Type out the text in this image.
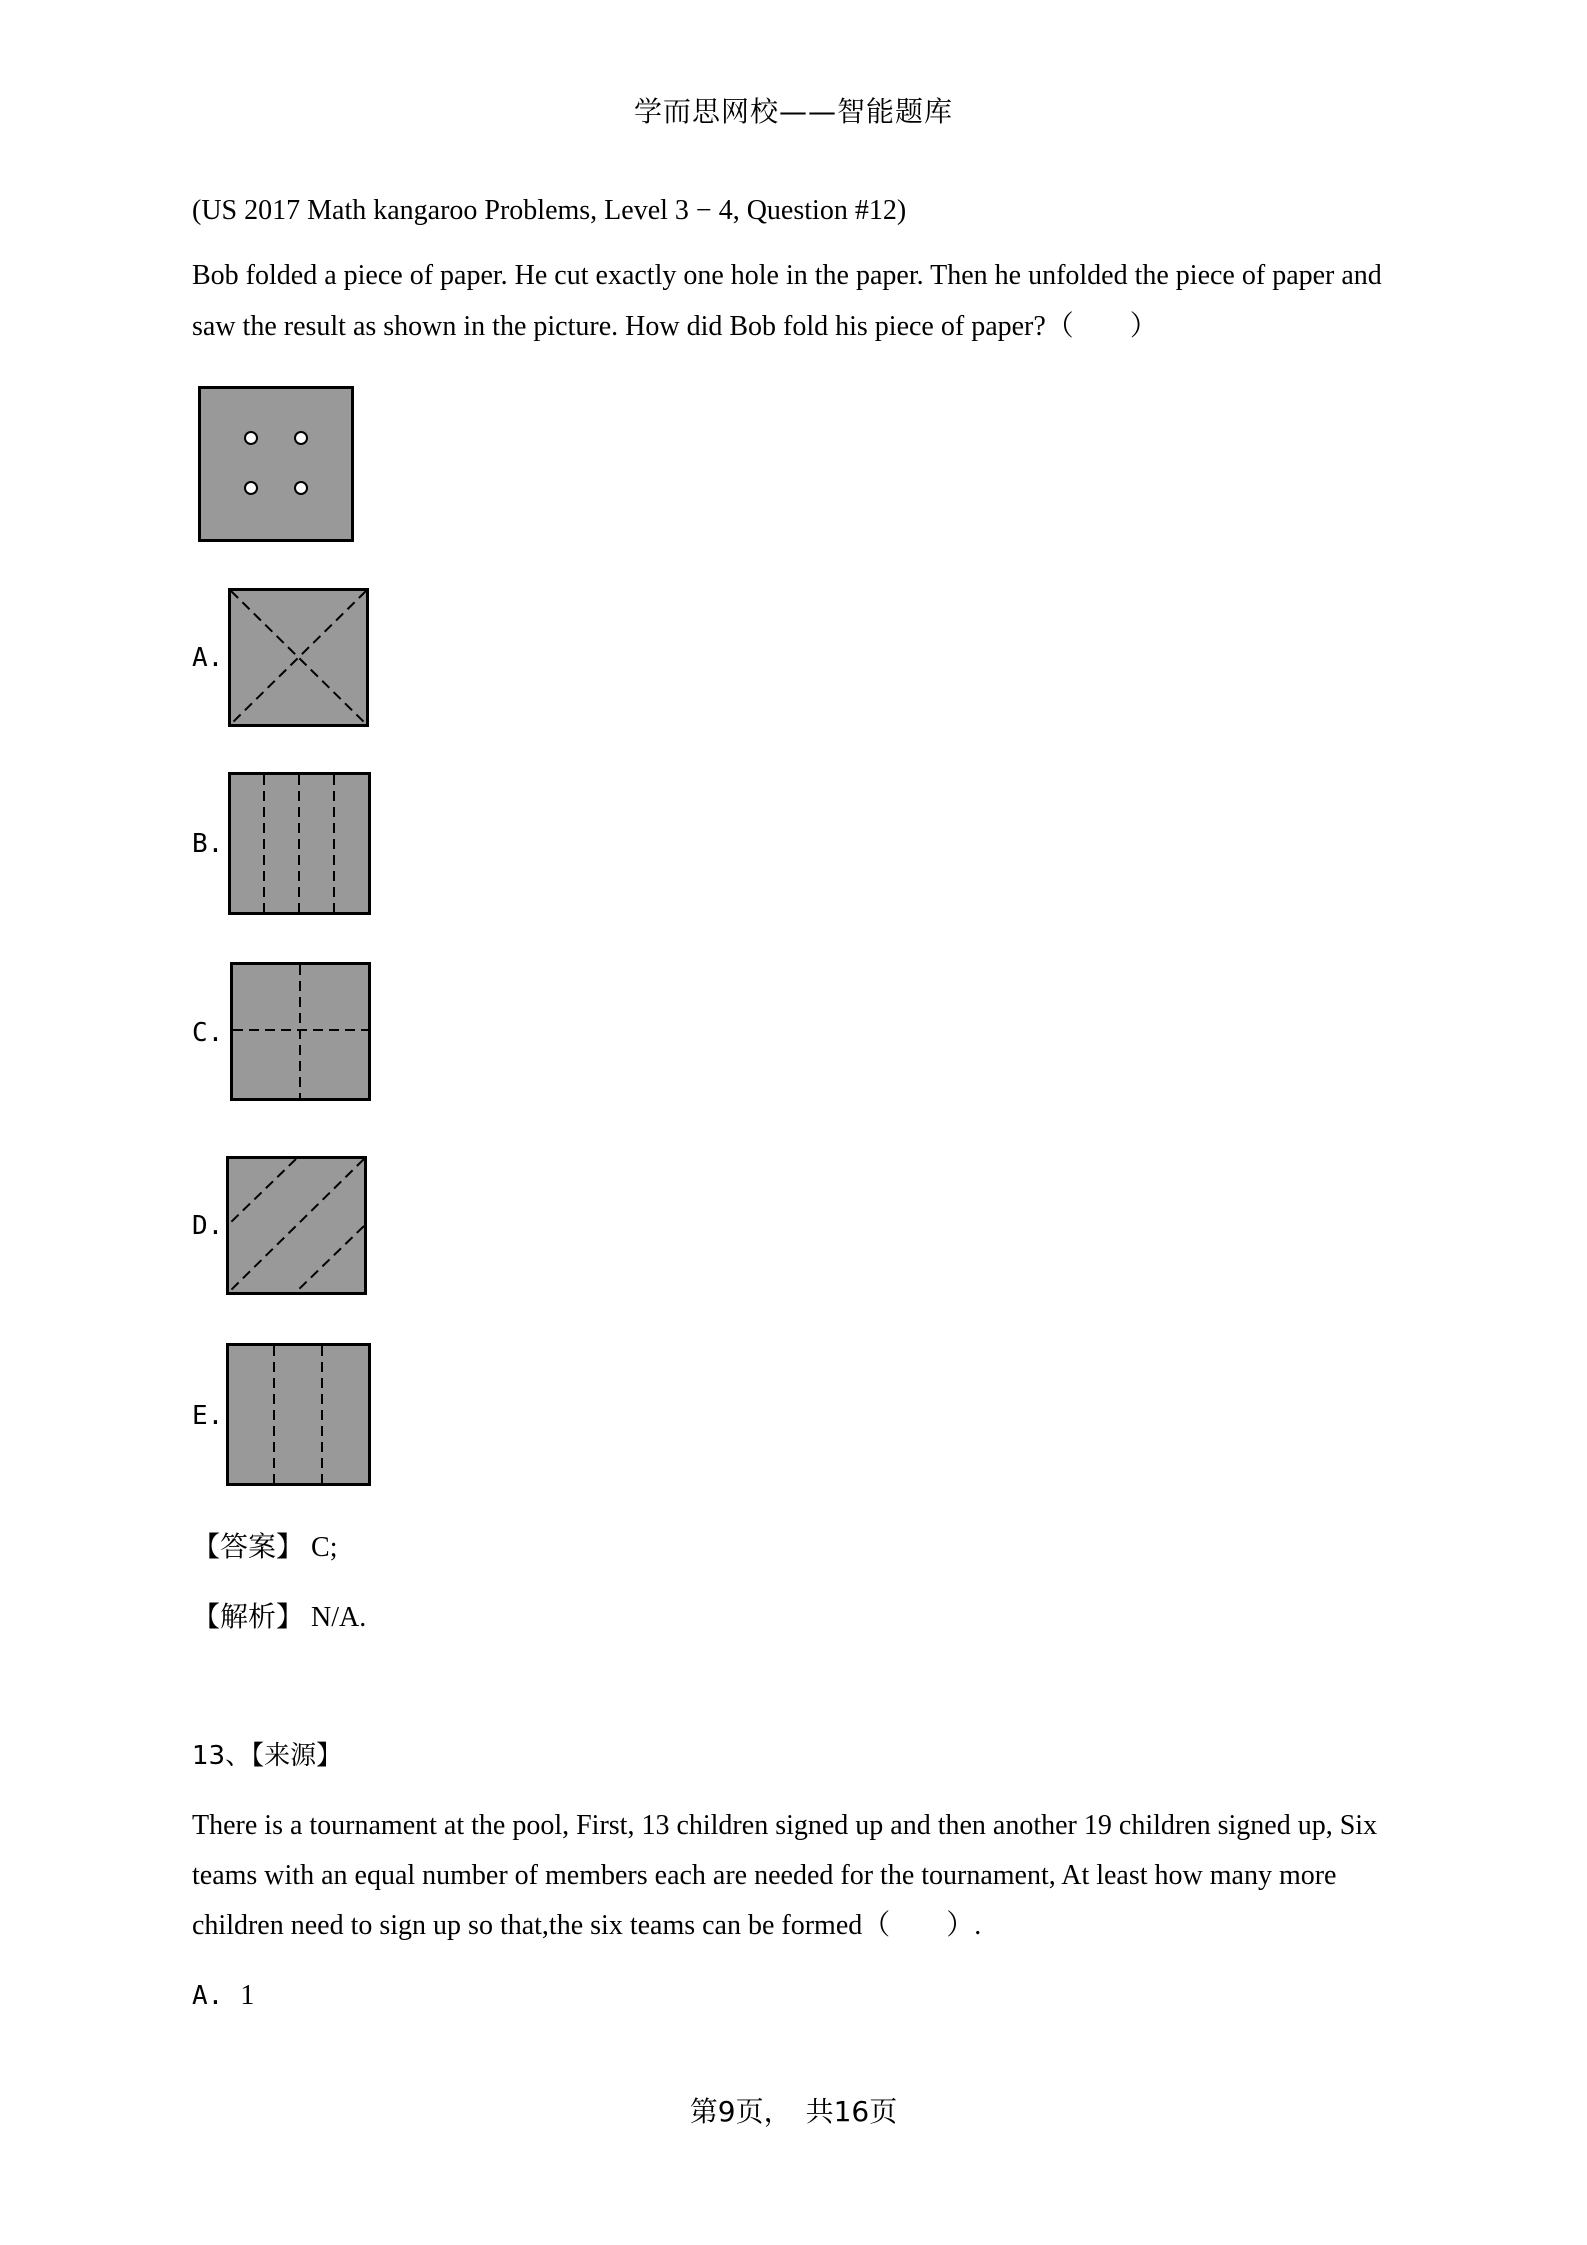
学而思网校——智能题库
(US 2017 Math kangaroo Problems, Level 3 − 4, Question #12)
Bob folded a piece of paper. He cut exactly one hole in the paper. Then he unfolded the piece of paper and
saw the result as shown in the picture. How did Bob fold his piece of paper?（　　）
A.
B.
C.
D.
E.
【答案】 C;
【解析】 N/A.
13、【来源】
There is a tournament at the pool, First, 13 children signed up and then another 19 children signed up, Six
teams with an equal number of members each are needed for the tournament, At least how many more
children need to sign up so that,the six teams can be formed（　　）.
A. 1
第9页，　共16页
